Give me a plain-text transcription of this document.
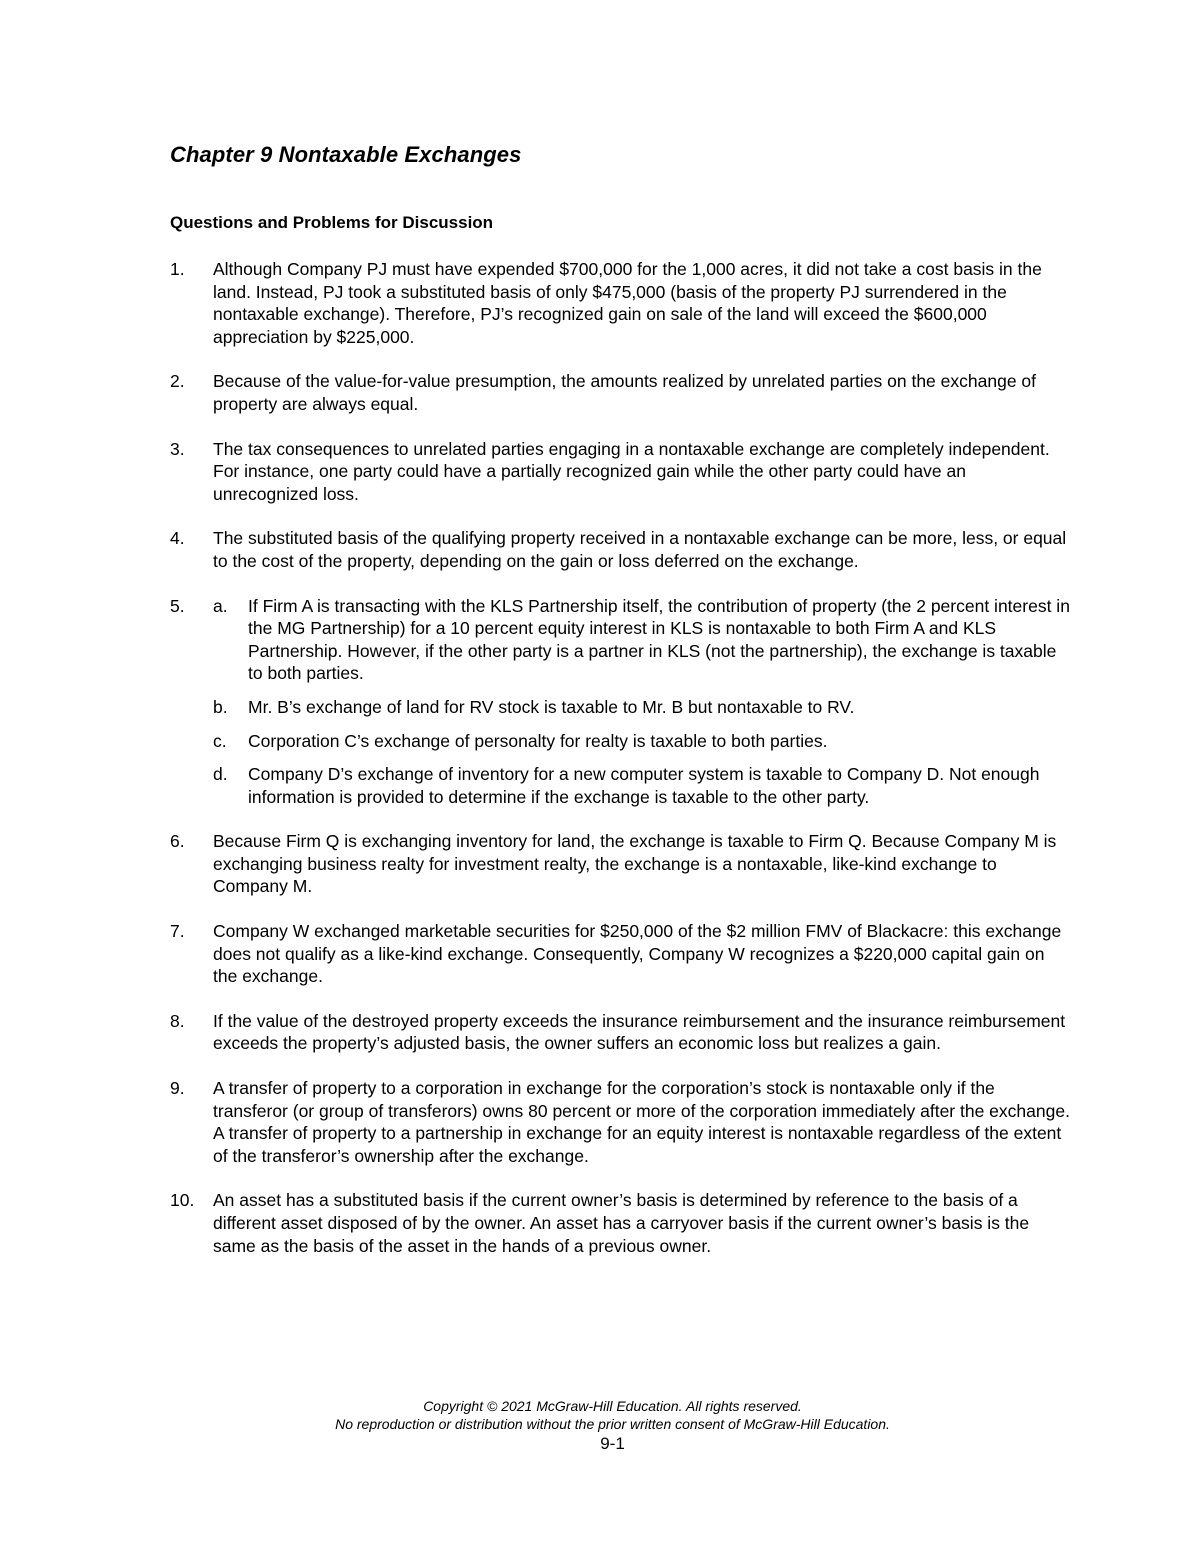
Chapter 9 Nontaxable Exchanges
Questions and Problems for Discussion
1. Although Company PJ must have expended $700,000 for the 1,000 acres, it did not take a cost basis in the land. Instead, PJ took a substituted basis of only $475,000 (basis of the property PJ surrendered in the nontaxable exchange). Therefore, PJ’s recognized gain on sale of the land will exceed the $600,000 appreciation by $225,000.
2. Because of the value-for-value presumption, the amounts realized by unrelated parties on the exchange of property are always equal.
3. The tax consequences to unrelated parties engaging in a nontaxable exchange are completely independent. For instance, one party could have a partially recognized gain while the other party could have an unrecognized loss.
4. The substituted basis of the qualifying property received in a nontaxable exchange can be more, less, or equal to the cost of the property, depending on the gain or loss deferred on the exchange.
5. a. If Firm A is transacting with the KLS Partnership itself, the contribution of property (the 2 percent interest in the MG Partnership) for a 10 percent equity interest in KLS is nontaxable to both Firm A and KLS Partnership. However, if the other party is a partner in KLS (not the partnership), the exchange is taxable to both parties.
b. Mr. B’s exchange of land for RV stock is taxable to Mr. B but nontaxable to RV.
c. Corporation C’s exchange of personalty for realty is taxable to both parties.
d. Company D’s exchange of inventory for a new computer system is taxable to Company D. Not enough information is provided to determine if the exchange is taxable to the other party.
6. Because Firm Q is exchanging inventory for land, the exchange is taxable to Firm Q. Because Company M is exchanging business realty for investment realty, the exchange is a nontaxable, like-kind exchange to Company M.
7. Company W exchanged marketable securities for $250,000 of the $2 million FMV of Blackacre: this exchange does not qualify as a like-kind exchange. Consequently, Company W recognizes a $220,000 capital gain on the exchange.
8. If the value of the destroyed property exceeds the insurance reimbursement and the insurance reimbursement exceeds the property’s adjusted basis, the owner suffers an economic loss but realizes a gain.
9. A transfer of property to a corporation in exchange for the corporation’s stock is nontaxable only if the transferor (or group of transferors) owns 80 percent or more of the corporation immediately after the exchange. A transfer of property to a partnership in exchange for an equity interest is nontaxable regardless of the extent of the transferor’s ownership after the exchange.
10. An asset has a substituted basis if the current owner’s basis is determined by reference to the basis of a different asset disposed of by the owner. An asset has a carryover basis if the current owner’s basis is the same as the basis of the asset in the hands of a previous owner.
Copyright © 2021 McGraw-Hill Education. All rights reserved.
No reproduction or distribution without the prior written consent of McGraw-Hill Education.
9-1
